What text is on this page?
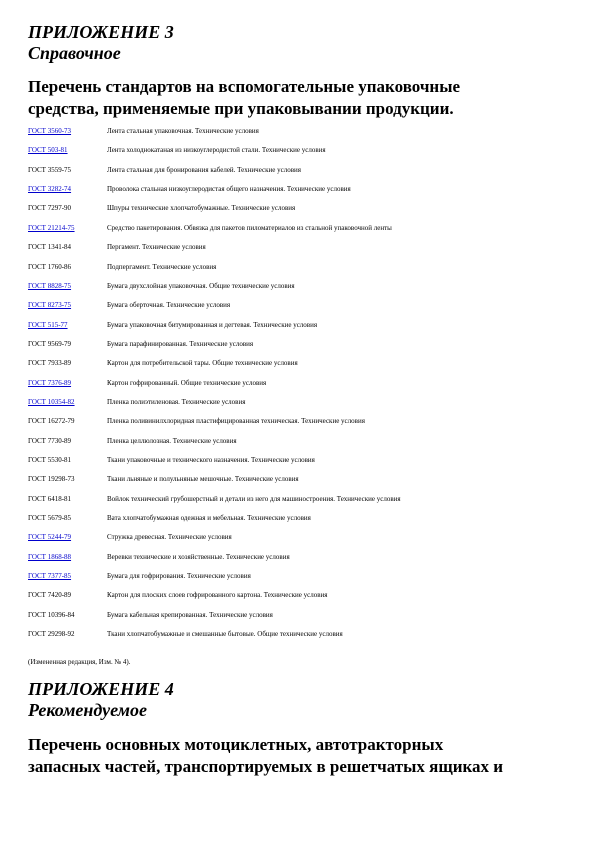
ПРИЛОЖЕНИЕ 3
Справочное
Перечень стандартов на вспомогательные упаковочные
средства, применяемые при упаковывании продукции.
ГОСТ 3560-73	Лента стальная упаковочная. Технические условия
ГОСТ 503-81	Лента холоднокатаная из низкоуглеродистой стали. Технические условия
ГОСТ 3559-75	Лента стальная для бронирования кабелей. Технические условия
ГОСТ 3282-74	Проволока стальная низкоуглеродистая общего назначения. Технические условия
ГОСТ 7297-90	Шпуры технические хлопчатобумажные. Технические условия
ГОСТ 21214-75	Средство пакетирования. Обвязка для пакетов пиломатериалов из стальной упаковочной ленты
ГОСТ 1341-84	Пергамент. Технические условия
ГОСТ 1760-86	Подпергамент. Технические условия
ГОСТ 8828-75	Бумага двухслойная упаковочная. Общие технические условия
ГОСТ 8273-75	Бумага оберточная. Технические условия
ГОСТ 515-77	Бумага упаковочная битумированная и дегтевая. Технические условия
ГОСТ 9569-79	Бумага парафинированная. Технические условия
ГОСТ 7933-89	Картон для потребительской тары. Общие технические условия
ГОСТ 7376-89	Картон гофрированный. Общие технические условия
ГОСТ 10354-82	Пленка полиэтиленовая. Технические условия
ГОСТ 16272-79	Пленка поливинилхлоридная пластифицированная техническая. Технические условия
ГОСТ 7730-89	Пленка целлюлозная. Технические условия
ГОСТ 5530-81	Ткани упаковочные и технического назначения. Технические условия
ГОСТ 19298-73	Ткани льняные и полульняные мешочные. Технические условия
ГОСТ 6418-81	Войлок технический грубошерстный и детали из него для машиностроения. Технические условия
ГОСТ 5679-85	Вата хлопчатобумажная одежная и мебельная. Технические условия
ГОСТ 5244-79	Стружка древесная. Технические условия
ГОСТ 1868-88	Веревки технические и хозяйственные. Технические условия
ГОСТ 7377-85	Бумага для гофрирования. Технические условия
ГОСТ 7420-89	Картон для плоских слоев гофрированного картона. Технические условия
ГОСТ 10396-84	Бумага кабельная крепированная. Технические условия
ГОСТ 29298-92	Ткани хлопчатобумажные и смешанные бытовые. Общие технические условия
(Измененная редакция, Изм. № 4).
ПРИЛОЖЕНИЕ 4
Рекомендуемое
Перечень основных мотоциклетных, автотракторных
запасных частей, транспортируемых в решетчатых ящиках и
